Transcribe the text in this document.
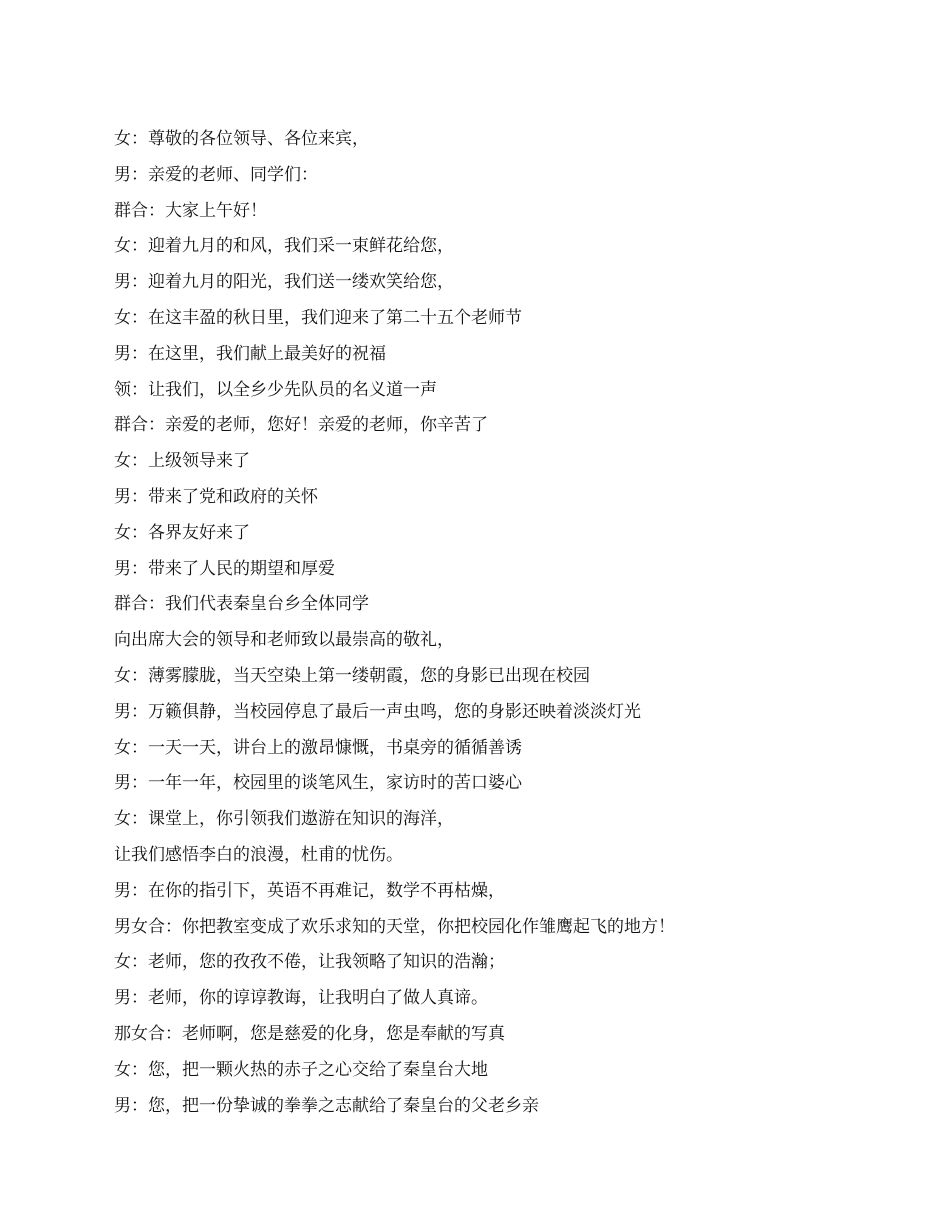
女：尊敬的各位领导、各位来宾，
男：亲爱的老师、同学们：
群合：大家上午好！
女：迎着九月的和风，我们采一束鲜花给您，
男：迎着九月的阳光，我们送一缕欢笑给您，
女：在这丰盈的秋日里，我们迎来了第二十五个老师节
男：在这里，我们献上最美好的祝福
领：让我们，以全乡少先队员的名义道一声
群合：亲爱的老师，您好！亲爱的老师，你辛苦了
女：上级领导来了
男：带来了党和政府的关怀
女：各界友好来了
男：带来了人民的期望和厚爱
群合：我们代表秦皇台乡全体同学
向出席大会的领导和老师致以最崇高的敬礼，
女：薄雾朦胧，当天空染上第一缕朝霞，您的身影已出现在校园
男：万籁俱静，当校园停息了最后一声虫鸣，您的身影还映着淡淡灯光
女：一天一天，讲台上的激昂慷慨，书桌旁的循循善诱
男：一年一年，校园里的谈笔风生，家访时的苦口婆心
女：课堂上，你引领我们遨游在知识的海洋，
让我们感悟李白的浪漫，杜甫的忧伤。
男：在你的指引下，英语不再难记，数学不再枯燥，
男女合：你把教室变成了欢乐求知的天堂，你把校园化作雏鹰起飞的地方！
女：老师，您的孜孜不倦，让我领略了知识的浩瀚；
男：老师，你的谆谆教诲，让我明白了做人真谛。
那女合：老师啊，您是慈爱的化身，您是奉献的写真
女：您，把一颗火热的赤子之心交给了秦皇台大地
男：您，把一份挚诚的拳拳之志献给了秦皇台的父老乡亲
